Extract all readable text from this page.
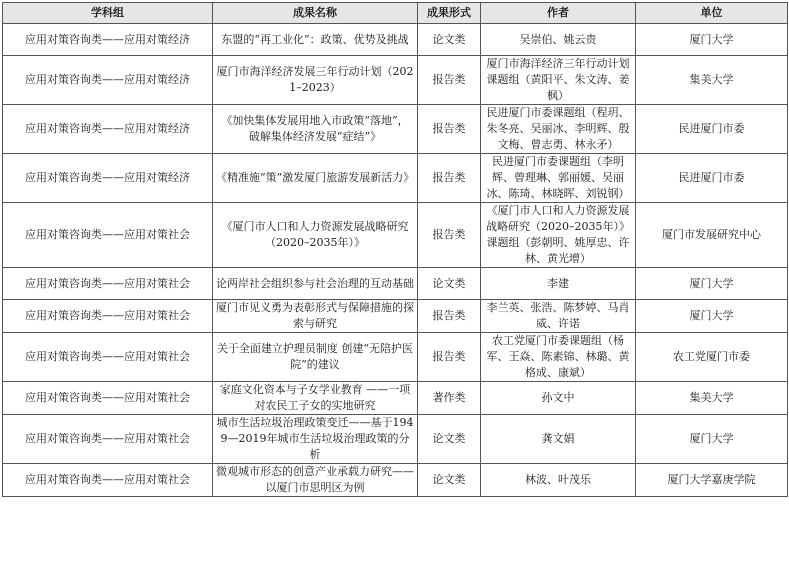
学科组	成果名称	成果形式	作者	单位
应用对策咨询类——应用对策经济	东盟的“再工业化”：政策、优势及挑战	论文类	吴崇伯、姚云贵	厦门大学
应用对策咨询类——应用对策经济	厦门市海洋经济发展三年行动计划（2021–2023）	报告类	厦门市海洋经济三年行动计划课题组（黄阳平、朱文涛、姜枫）	集美大学
应用对策咨询类——应用对策经济	《加快集体发展用地入市政策“落地”，破解集体经济发展“症结”》	报告类	民进厦门市委课题组（程玥、朱冬亮、吴丽冰、李明辉、殷文梅、曾志勇、林永矛）	民进厦门市委
应用对策咨询类——应用对策经济	《精准施“策”激发厦门旅游发展新活力》	报告类	民进厦门市委课题组（李明辉、曾理琳、郭丽媛、吴丽冰、陈琦、林晓晖、刘锐钢）	民进厦门市委
应用对策咨询类——应用对策社会	《厦门市人口和人力资源发展战略研究（2020–2035年）》	报告类	《厦门市人口和人力资源发展战略研究（2020–2035年）》课题组（彭朝明、姚厚忠、许林、黄光增）	厦门市发展研究中心
应用对策咨询类——应用对策社会	论两岸社会组织参与社会治理的互动基础	论文类	李建	厦门大学
应用对策咨询类——应用对策社会	厦门市见义勇为表彰形式与保障措施的探索与研究	报告类	李兰英、张浩、陈梦婷、马肖威、许诺	厦门大学
应用对策咨询类——应用对策社会	关于全面建立护理员制度 创建“无陪护医院”的建议	报告类	农工党厦门市委课题组（杨军、王焱、陈素锦、林璐、黄格成、康斌）	农工党厦门市委
应用对策咨询类——应用对策社会	家庭文化资本与子女学业教育 ——一项对农民工子女的实地研究	著作类	孙文中	集美大学
应用对策咨询类——应用对策社会	城市生活垃圾治理政策变迁——基于1949—2019年城市生活垃圾治理政策的分析	论文类	龚文娟	厦门大学
应用对策咨询类——应用对策社会	微观城市形态的创意产业承载力研究——以厦门市思明区为例	论文类	林波、叶茂乐	厦门大学嘉庚学院
